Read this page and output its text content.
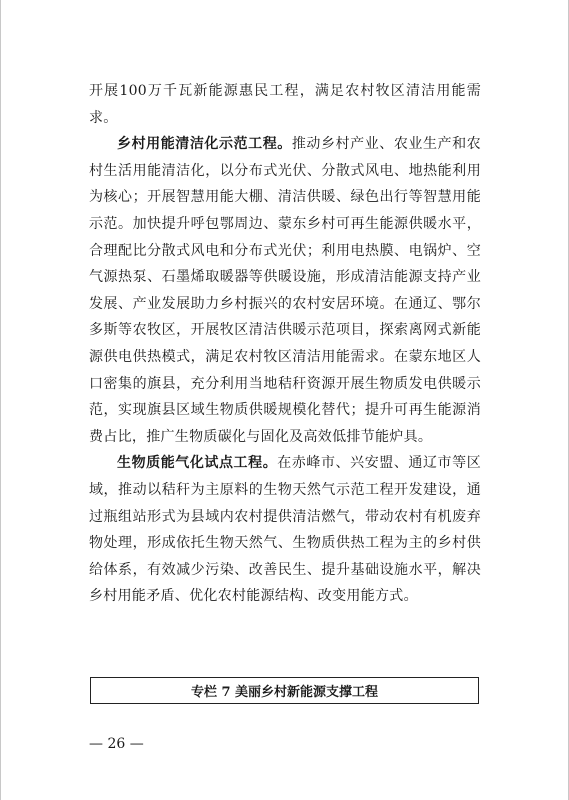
开展100万千瓦新能源惠民工程，满足农村牧区清洁用能需求。

乡村用能清洁化示范工程。推动乡村产业、农业生产和农村生活用能清洁化，以分布式光伏、分散式风电、地热能利用为核心；开展智慧用能大棚、清洁供暖、绿色出行等智慧用能示范。加快提升呼包鄂周边、蒙东乡村可再生能源供暖水平，合理配比分散式风电和分布式光伏；利用电热膜、电锅炉、空气源热泵、石墨烯取暖器等供暖设施，形成清洁能源支持产业发展、产业发展助力乡村振兴的农村安居环境。在通辽、鄂尔多斯等农牧区，开展牧区清洁供暖示范项目，探索离网式新能源供电供热模式，满足农村牧区清洁用能需求。在蒙东地区人口密集的旗县，充分利用当地秸秆资源开展生物质发电供暖示范，实现旗县区域生物质供暖规模化替代；提升可再生能源消费占比，推广生物质碳化与固化及高效低排节能炉具。

生物质能气化试点工程。在赤峰市、兴安盟、通辽市等区域，推动以秸秆为主原料的生物天然气示范工程开发建设，通过瓶组站形式为县域内农村提供清洁燃气，带动农村有机废弃物处理，形成依托生物天然气、生物质供热工程为主的乡村供给体系，有效减少污染、改善民生、提升基础设施水平，解决乡村用能矛盾、优化农村能源结构、改变用能方式。

专栏 7 美丽乡村新能源支撑工程
— 26 —
